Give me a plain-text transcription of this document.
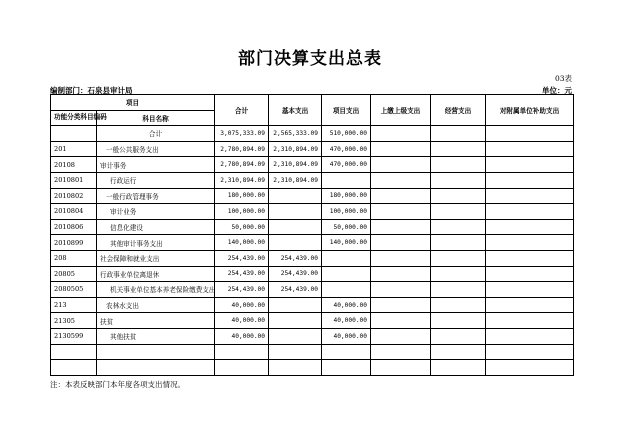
部门决算支出总表
03表
编制部门：石泉县审计局	单位：元
项目		合计	基本支出	项目支出	上缴上级支出	经营支出	对附属单位补助支出
功能分类科目编码	科目名称						
	合计	3,075,333.09	2,565,333.09	510,000.00			
201	一般公共服务支出	2,780,894.09	2,310,894.09	470,000.00			
20108	审计事务	2,780,894.09	2,310,894.09	470,000.00			
2010801	行政运行	2,310,894.09	2,310,894.09				
2010802	一般行政管理事务	180,000.00		180,000.00			
2010804	审计业务	100,000.00		100,000.00			
2010806	信息化建设	50,000.00		50,000.00			
2010899	其他审计事务支出	140,000.00		140,000.00			
208	社会保障和就业支出	254,439.00	254,439.00				
20805	行政事业单位离退休	254,439.00	254,439.00				
2080505	机关事业单位基本养老保险缴费支出	254,439.00	254,439.00				
213	农林水支出	40,000.00		40,000.00			
21305	扶贫	40,000.00		40,000.00			
2130599	其他扶贫	40,000.00		40,000.00			

注：本表反映部门本年度各项支出情况。
